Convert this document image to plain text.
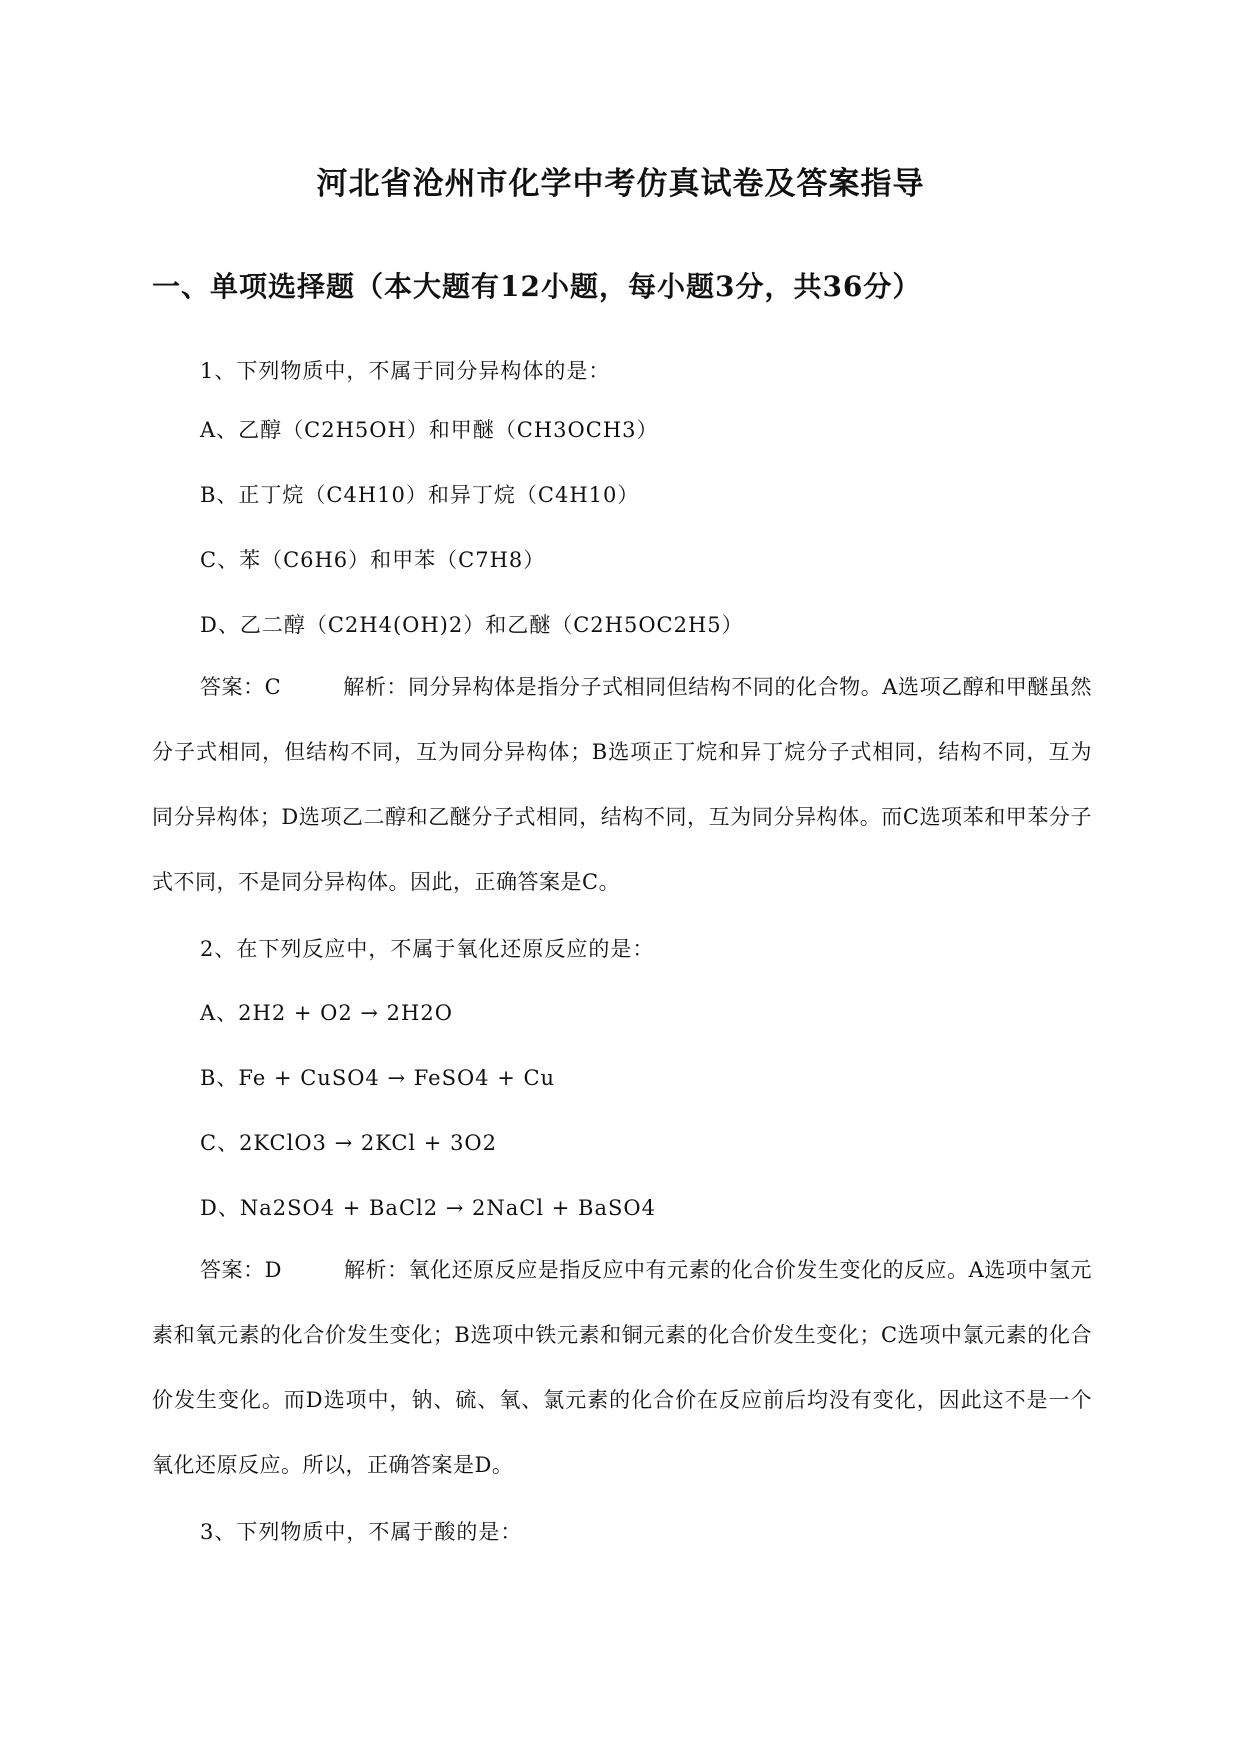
河北省沧州市化学中考仿真试卷及答案指导
一、单项选择题（本大题有12小题，每小题3分，共36分）
1、下列物质中，不属于同分异构体的是：
A、乙醇（C2H5OH）和甲醚（CH3OCH3）
B、正丁烷（C4H10）和异丁烷（C4H10）
C、苯（C6H6）和甲苯（C7H8）
D、乙二醇（C2H4(OH)2）和乙醚（C2H5OC2H5）
答案：C	解析：同分异构体是指分子式相同但结构不同的化合物。A选项乙醇和甲醚虽然分子式相同，但结构不同，互为同分异构体；B选项正丁烷和异丁烷分子式相同，结构不同，互为同分异构体；D选项乙二醇和乙醚分子式相同，结构不同，互为同分异构体。而C选项苯和甲苯分子式不同，不是同分异构体。因此，正确答案是C。
2、在下列反应中，不属于氧化还原反应的是：
A、2H2 + O2 → 2H2O
B、Fe + CuSO4 → FeSO4 + Cu
C、2KClO3 → 2KCl + 3O2
D、Na2SO4 + BaCl2 → 2NaCl + BaSO4
答案：D	解析：氧化还原反应是指反应中有元素的化合价发生变化的反应。A选项中氢元素和氧元素的化合价发生变化；B选项中铁元素和铜元素的化合价发生变化；C选项中氯元素的化合价发生变化。而D选项中，钠、硫、氧、氯元素的化合价在反应前后均没有变化，因此这不是一个氧化还原反应。所以，正确答案是D。
3、下列物质中，不属于酸的是：
